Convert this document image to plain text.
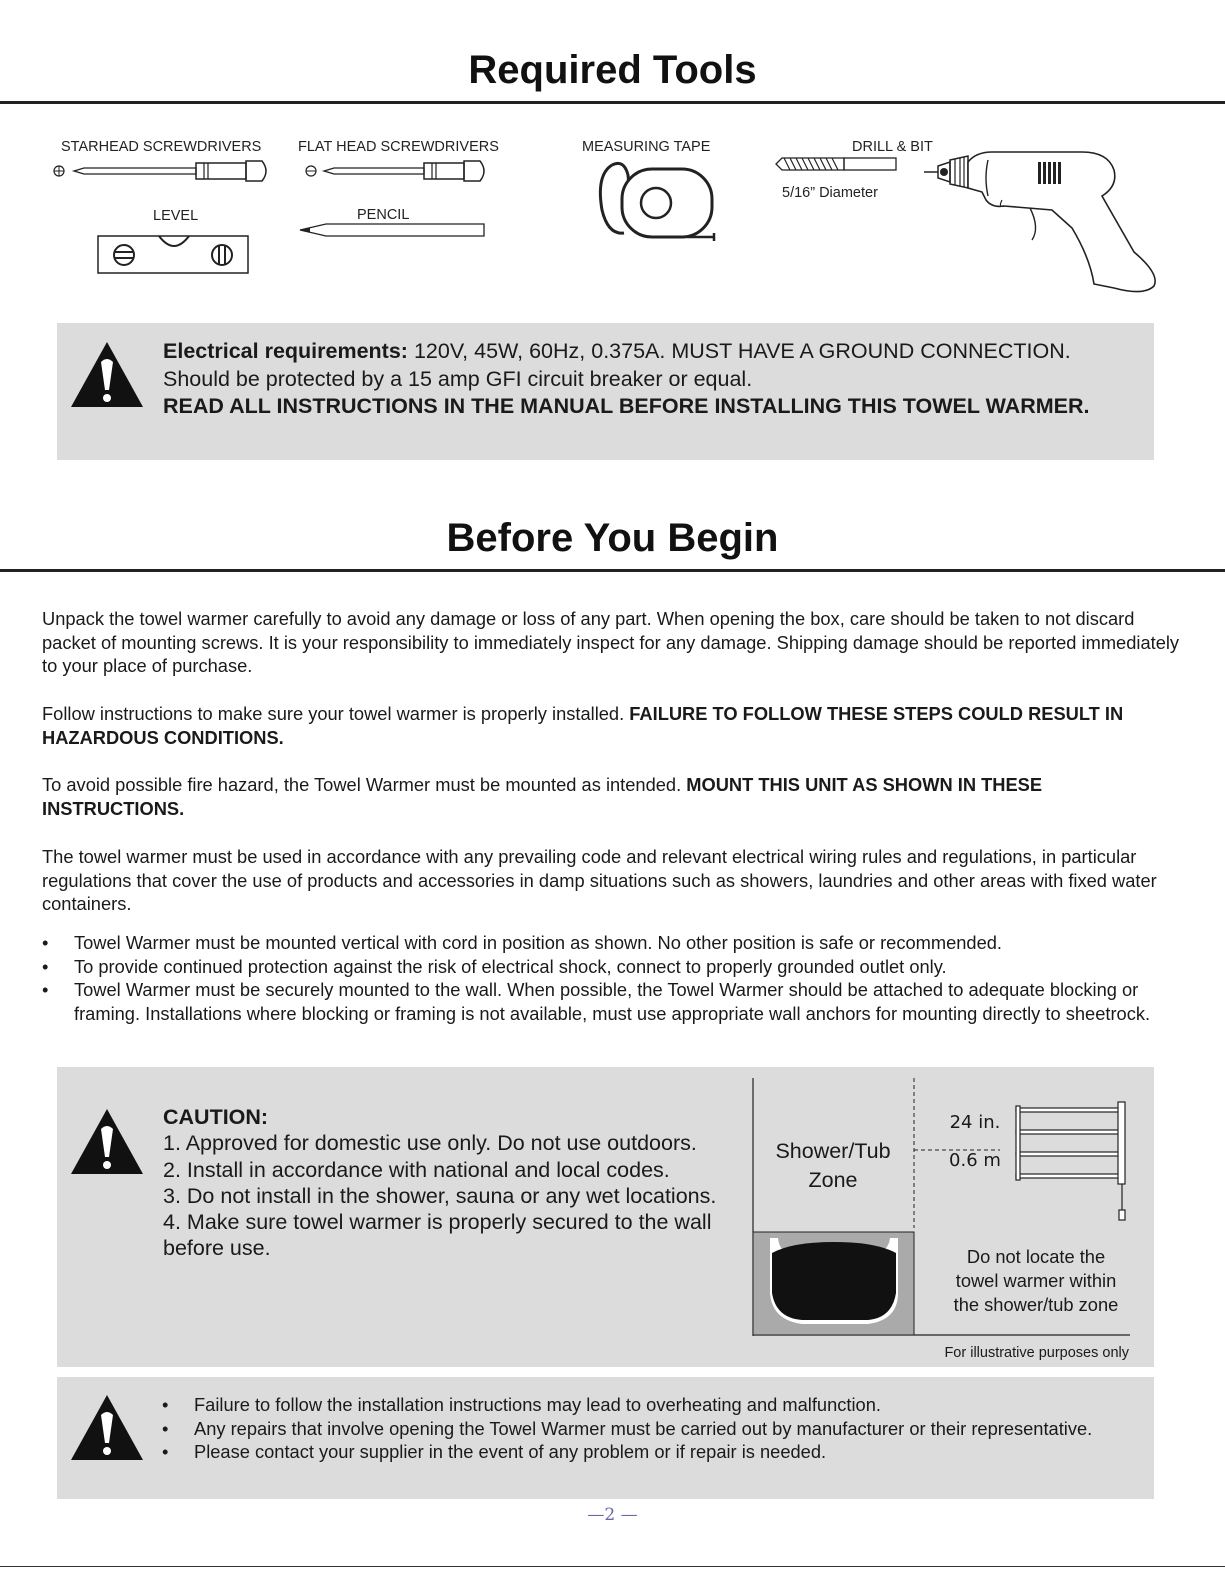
Required Tools
STARHEAD SCREWDRIVERS	FLAT HEAD SCREWDRIVERS	MEASURING TAPE	DRILL & BIT
5/16” Diameter
LEVEL	PENCIL
Electrical requirements: 120V, 45W, 60Hz, 0.375A. MUST HAVE A GROUND CONNECTION.
Should be protected by a 15 amp GFI circuit breaker or equal.
READ ALL INSTRUCTIONS IN THE MANUAL BEFORE INSTALLING THIS TOWEL WARMER.
Before You Begin

Unpack the towel warmer carefully to avoid any damage or loss of any part. When opening the box, care should be taken to not discard packet of mounting screws. It is your responsibility to immediately inspect for any damage. Shipping damage should be reported immediately to your place of purchase.

Follow instructions to make sure your towel warmer is properly installed. FAILURE TO FOLLOW THESE STEPS COULD RESULT IN HAZARDOUS CONDITIONS.

To avoid possible fire hazard, the Towel Warmer must be mounted as intended. MOUNT THIS UNIT AS SHOWN IN THESE INSTRUCTIONS.

The towel warmer must be used in accordance with any prevailing code and relevant electrical wiring rules and regulations, in particular regulations that cover the use of products and accessories in damp situations such as showers, laundries and other areas with fixed water containers.

• Towel Warmer must be mounted vertical with cord in position as shown. No other position is safe or recommended.
• To provide continued protection against the risk of electrical shock, connect to properly grounded outlet only.
• Towel Warmer must be securely mounted to the wall. When possible, the Towel Warmer should be attached to adequate blocking or framing. Installations where blocking or framing is not available, must use appropriate wall anchors for mounting directly to sheetrock.
CAUTION:
1. Approved for domestic use only. Do not use outdoors.
2. Install in accordance with national and local codes.
3. Do not install in the shower, sauna or any wet locations.
4. Make sure towel warmer is properly secured to the wall before use.
Shower/Tub
Zone
24 in.
0.6 m
Do not locate the
towel warmer within
the shower/tub zone
For illustrative purposes only
• Failure to follow the installation instructions may lead to overheating and malfunction.
• Any repairs that involve opening the Towel Warmer must be carried out by manufacturer or their representative.
• Please contact your supplier in the event of any problem or if repair is needed.
—2 —
